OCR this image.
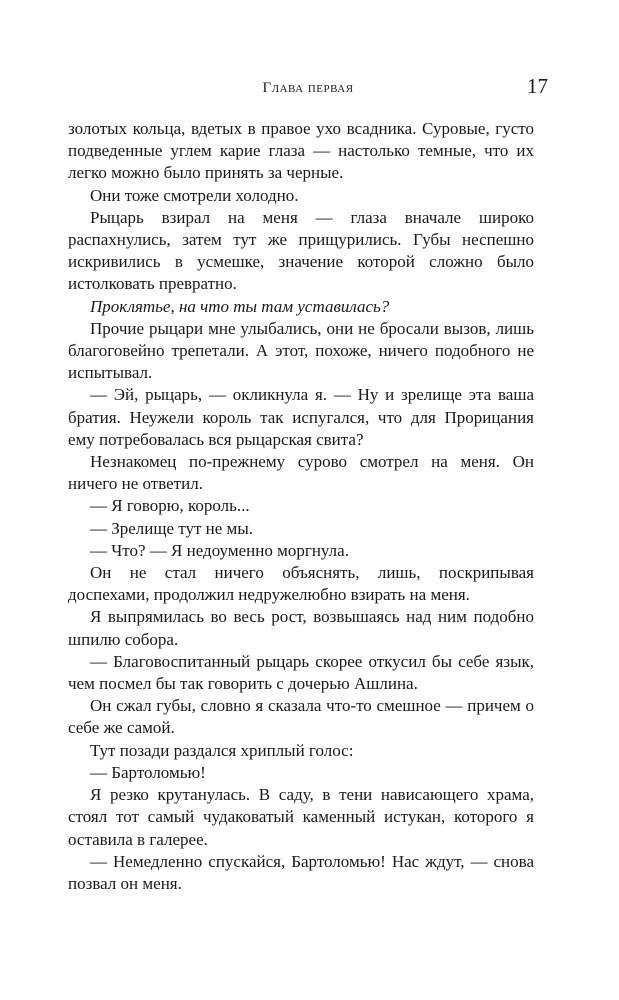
Глава первая	17

золотых кольца, вдетых в правое ухо всадника. Суровые, густо подведенные углем карие глаза — настолько темные, что их легко можно было принять за черные.

Они тоже смотрели холодно.

Рыцарь взирал на меня — глаза вначале широко распахнулись, затем тут же прищурились. Губы неспешно искривились в усмешке, значение которой сложно было истолковать превратно.

Проклятье, на что ты там уставилась?

Прочие рыцари мне улыбались, они не бросали вызов, лишь благоговейно трепетали. А этот, похоже, ничего подобного не испытывал.

— Эй, рыцарь, — окликнула я. — Ну и зрелище эта ваша братия. Неужели король так испугался, что для Прорицания ему потребовалась вся рыцарская свита?

Незнакомец по-прежнему сурово смотрел на меня. Он ничего не ответил.

— Я говорю, король...

— Зрелище тут не мы.

— Что? — Я недоуменно моргнула.

Он не стал ничего объяснять, лишь, поскрипывая доспехами, продолжил недружелюбно взирать на меня.

Я выпрямилась во весь рост, возвышаясь над ним подобно шпилю собора.

— Благовоспитанный рыцарь скорее откусил бы себе язык, чем посмел бы так говорить с дочерью Ашлина.

Он сжал губы, словно я сказала что-то смешное — причем о себе же самой.

Тут позади раздался хриплый голос:

— Бартоломью!

Я резко крутанулась. В саду, в тени нависающего храма, стоял тот самый чудаковатый каменный истукан, которого я оставила в галерее.

— Немедленно спускайся, Бартоломью! Нас ждут, — снова позвал он меня.
